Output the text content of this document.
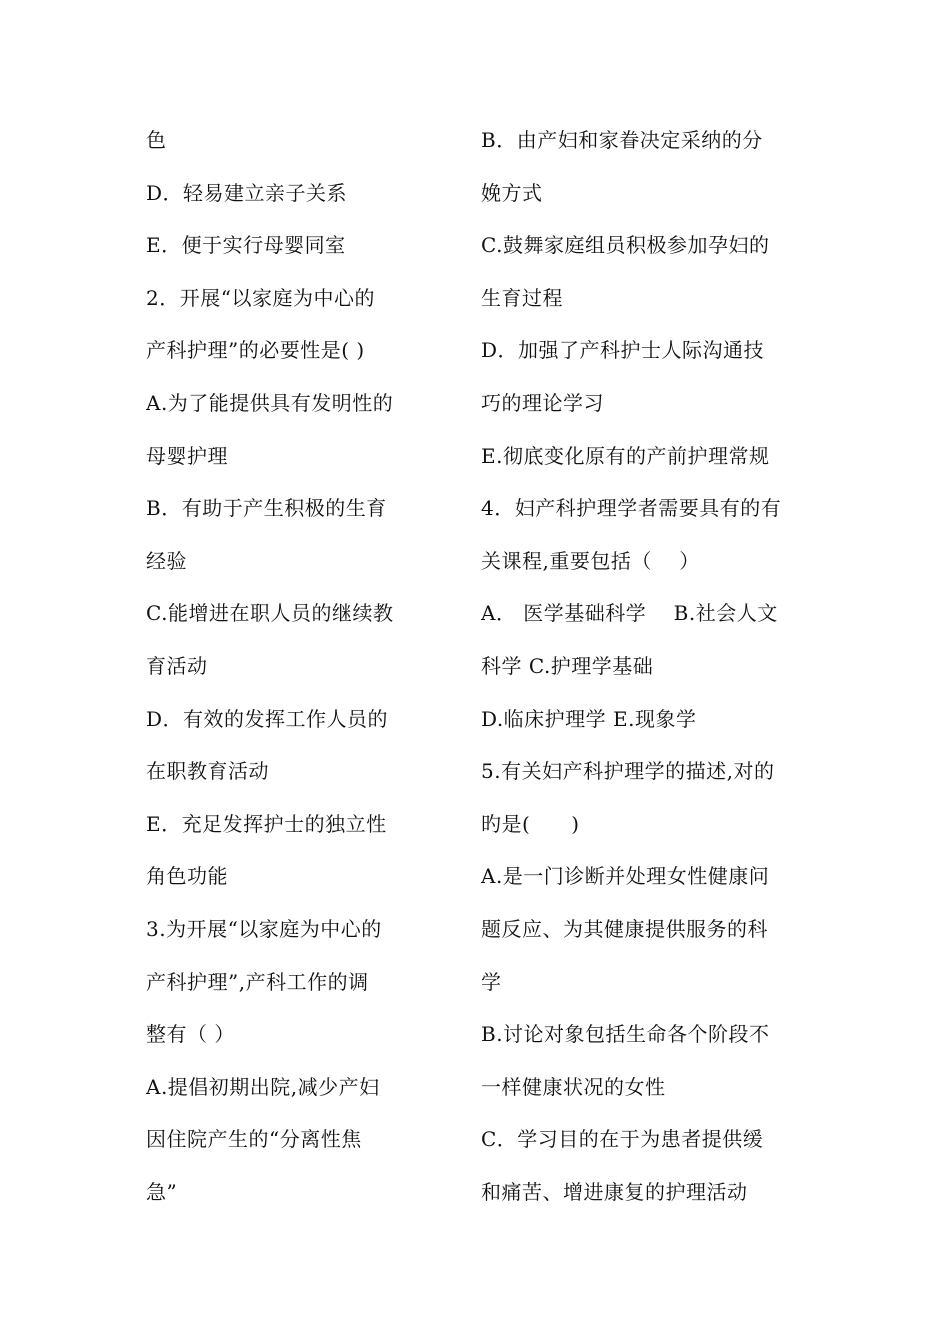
色
D．轻易建立亲子关系
E．便于实行母婴同室
2．开展“以家庭为中心的
产科护理”的必要性是( )
A.为了能提供具有发明性的
母婴护理
B．有助于产生积极的生育
经验
C.能增进在职人员的继续教
育活动
D．有效的发挥工作人员的
在职教育活动
E．充足发挥护士的独立性
角色功能
3.为开展“以家庭为中心的
产科护理”,产科工作的调
整有（ ）
A.提倡初期出院,减少产妇
因住院产生的“分离性焦
急”
B．由产妇和家眷决定采纳的分
娩方式
C.鼓舞家庭组员积极参加孕妇的
生育过程
D．加强了产科护士人际沟通技
巧的理论学习
E.彻底变化原有的产前护理常规
4．妇产科护理学者需要具有的有
关课程,重要包括（　 ）
A． 医学基础科学　 B.社会人文
科学 C.护理学基础
D.临床护理学 E.现象学
5.有关妇产科护理学的描述,对的
旳是(　　)
A.是一门诊断并处理女性健康问
题反应、为其健康提供服务的科
学
B.讨论对象包括生命各个阶段不
一样健康状况的女性
C．学习目的在于为患者提供缓
和痛苦、增进康复的护理活动
